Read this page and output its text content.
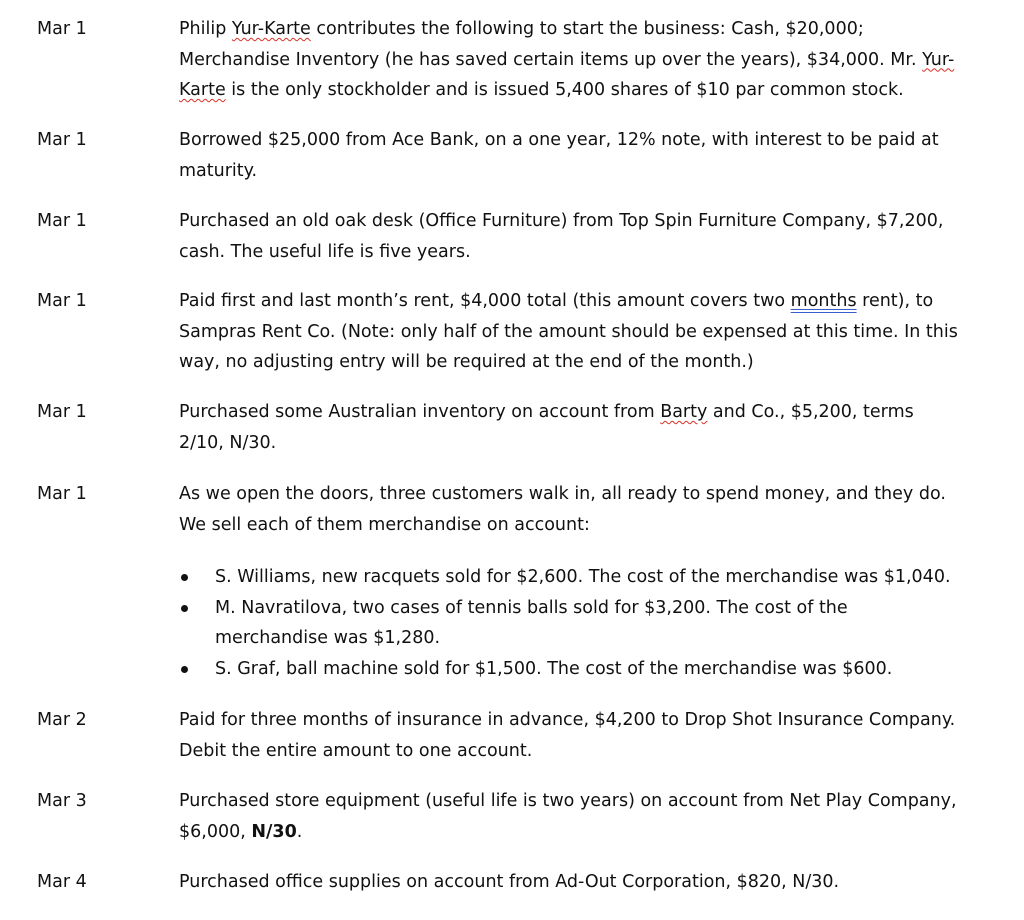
Mar 1	Philip Yur-Karte contributes the following to start the business: Cash, $20,000;
Merchandise Inventory (he has saved certain items up over the years), $34,000. Mr. Yur-
Karte is the only stockholder and is issued 5,400 shares of $10 par common stock.
Mar 1	Borrowed $25,000 from Ace Bank, on a one year, 12% note, with interest to be paid at
maturity.
Mar 1	Purchased an old oak desk (Office Furniture) from Top Spin Furniture Company, $7,200,
cash. The useful life is five years.
Mar 1	Paid first and last month’s rent, $4,000 total (this amount covers two months rent), to
Sampras Rent Co. (Note: only half of the amount should be expensed at this time. In this
way, no adjusting entry will be required at the end of the month.)
Mar 1	Purchased some Australian inventory on account from Barty and Co., $5,200, terms
2/10, N/30.
Mar 1	As we open the doors, three customers walk in, all ready to spend money, and they do.
We sell each of them merchandise on account:
S. Williams, new racquets sold for $2,600. The cost of the merchandise was $1,040.
M. Navratilova, two cases of tennis balls sold for $3,200. The cost of the
merchandise was $1,280.
S. Graf, ball machine sold for $1,500. The cost of the merchandise was $600.
Mar 2	Paid for three months of insurance in advance, $4,200 to Drop Shot Insurance Company.
Debit the entire amount to one account.
Mar 3	Purchased store equipment (useful life is two years) on account from Net Play Company,
$6,000, N/30.
Mar 4	Purchased office supplies on account from Ad-Out Corporation, $820, N/30.
